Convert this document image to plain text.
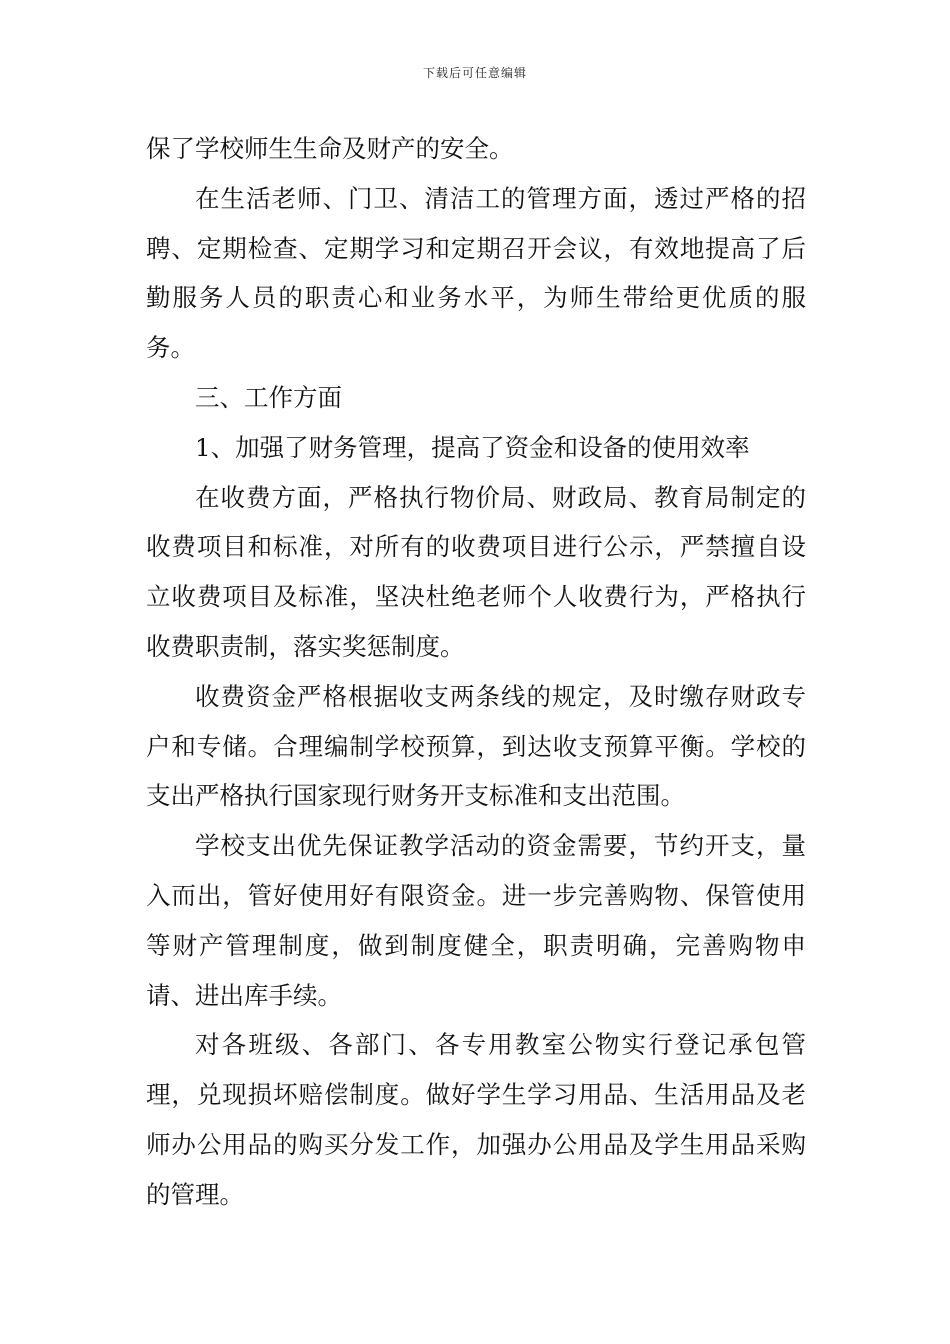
下载后可任意编辑

保了学校师生生命及财产的安全。

在生活老师、门卫、清洁工的管理方面，透过严格的招聘、定期检查、定期学习和定期召开会议，有效地提高了后勤服务人员的职责心和业务水平，为师生带给更优质的服务。

三、工作方面

1、加强了财务管理，提高了资金和设备的使用效率

在收费方面，严格执行物价局、财政局、教育局制定的收费项目和标准，对所有的收费项目进行公示，严禁擅自设立收费项目及标准，坚决杜绝老师个人收费行为，严格执行收费职责制，落实奖惩制度。

收费资金严格根据收支两条线的规定，及时缴存财政专户和专储。合理编制学校预算，到达收支预算平衡。学校的支出严格执行国家现行财务开支标准和支出范围。

学校支出优先保证教学活动的资金需要，节约开支，量入而出，管好使用好有限资金。进一步完善购物、保管使用等财产管理制度，做到制度健全，职责明确，完善购物申请、进出库手续。

对各班级、各部门、各专用教室公物实行登记承包管理，兑现损坏赔偿制度。做好学生学习用品、生活用品及老师办公用品的购买分发工作，加强办公用品及学生用品采购的管理。
